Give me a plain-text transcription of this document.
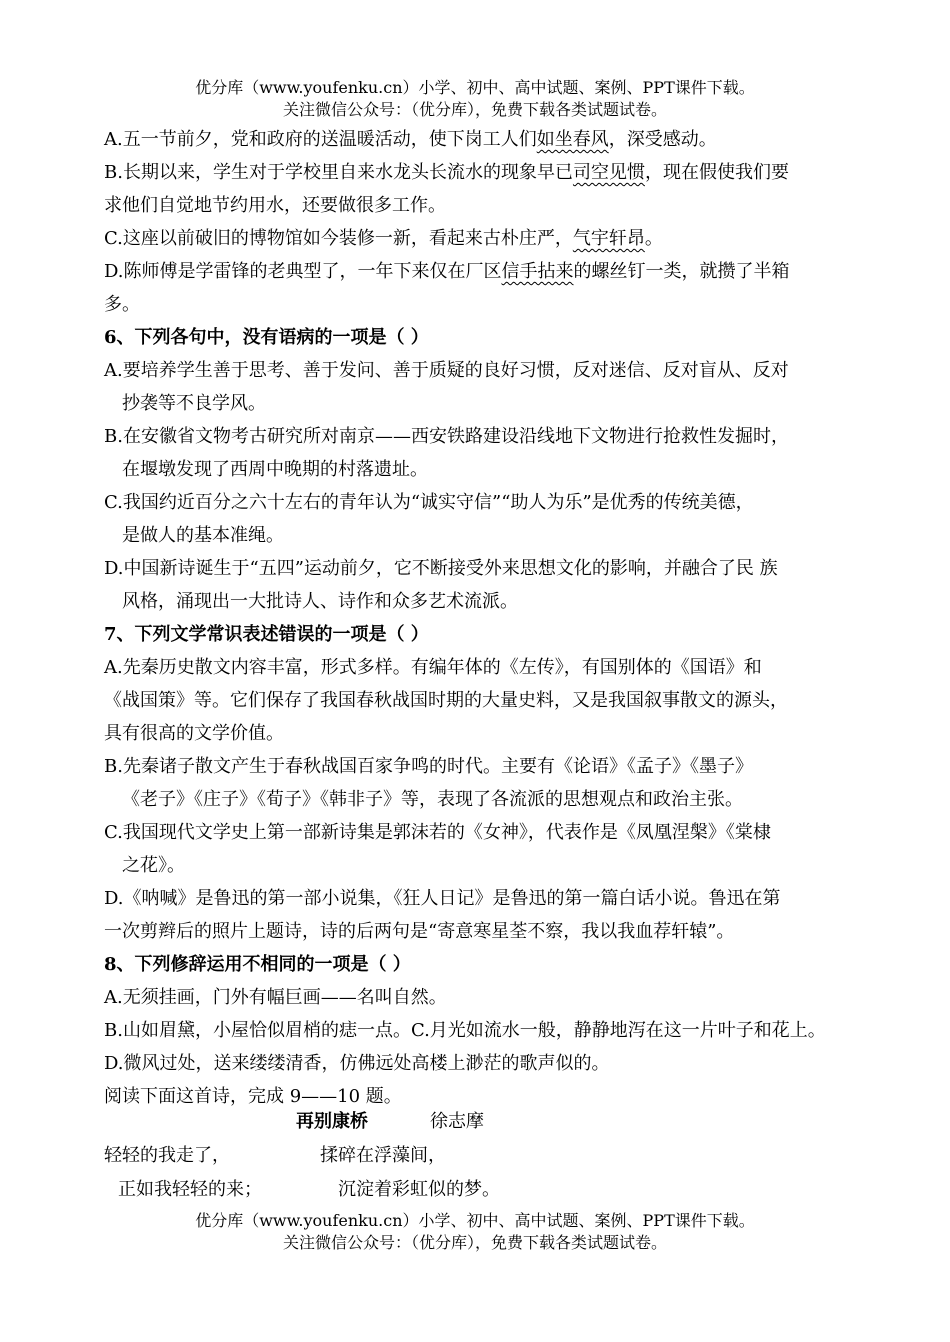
优分库（www.youfenku.cn）小学、初中、高中试题、案例、PPT课件下载。
关注微信公众号：（优分库），免费下载各类试题试卷。
A.五一节前夕，党和政府的送温暖活动，使下岗工人们如坐春风，深受感动。
B.长期以来，学生对于学校里自来水龙头长流水的现象早已司空见惯，现在假使我们要
求他们自觉地节约用水，还要做很多工作。
C.这座以前破旧的博物馆如今装修一新，看起来古朴庄严，气宇轩昂。
D.陈师傅是学雷锋的老典型了，一年下来仅在厂区信手拈来的螺丝钉一类，就攒了半箱
多。
6、下列各句中，没有语病的一项是（ ）
A.要培养学生善于思考、善于发问、善于质疑的良好习惯，反对迷信、反对盲从、反对
抄袭等不良学风。
B.在安徽省文物考古研究所对南京——西安铁路建设沿线地下文物进行抢救性发掘时，
在堰墩发现了西周中晚期的村落遗址。
C.我国约近百分之六十左右的青年认为“诚实守信”“助人为乐”是优秀的传统美德，
是做人的基本准绳。
D.中国新诗诞生于“五四”运动前夕，它不断接受外来思想文化的影响，并融合了民 族
风格，涌现出一大批诗人、诗作和众多艺术流派。
7、下列文学常识表述错误的一项是（ ）
A.先秦历史散文内容丰富，形式多样。有编年体的《左传》，有国别体的《国语》和
《战国策》等。它们保存了我国春秋战国时期的大量史料，又是我国叙事散文的源头，
具有很高的文学价值。
B.先秦诸子散文产生于春秋战国百家争鸣的时代。主要有《论语》《孟子》《墨子》
《老子》《庄子》《荀子》《韩非子》等，表现了各流派的思想观点和政治主张。
C.我国现代文学史上第一部新诗集是郭沫若的《女神》，代表作是《凤凰涅槃》《棠棣
之花》。
D.《呐喊》是鲁迅的第一部小说集，《狂人日记》是鲁迅的第一篇白话小说。鲁迅在第
一次剪辫后的照片上题诗，诗的后两句是“寄意寒星荃不察，我以我血荐轩辕”。
8、下列修辞运用不相同的一项是（ ）
A.无须挂画，门外有幅巨画——名叫自然。
B.山如眉黛，小屋恰似眉梢的痣一点。C.月光如流水一般，静静地泻在这一片叶子和花上。
D.微风过处，送来缕缕清香，仿佛远处高楼上渺茫的歌声似的。
阅读下面这首诗，完成 9——10 题。
再别康桥	徐志摩
轻轻的我走了，	揉碎在浮藻间，
正如我轻轻的来；	沉淀着彩虹似的梦。
优分库（www.youfenku.cn）小学、初中、高中试题、案例、PPT课件下载。
关注微信公众号：（优分库），免费下载各类试题试卷。
